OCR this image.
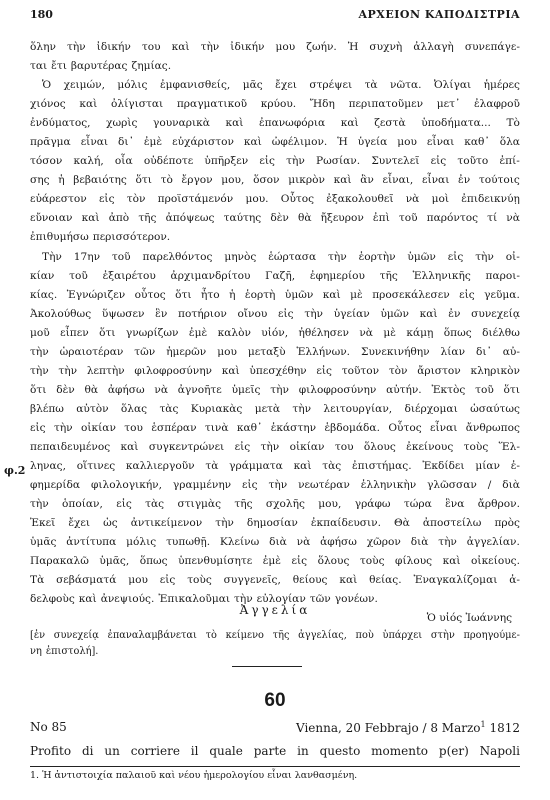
180	ΑΡΧΕΙΟΝ ΚΑΠΟΔΙΣΤΡΙΑ
ὅλην τὴν ἰδικήν του καὶ τὴν ἰδικήν μου ζωήν. Ἡ συχνὴ ἀλλαγὴ συνεπάγε-
ται ἔτι βαρυτέρας ζημίας.
Ὁ χειμών, μόλις ἐμφανισθείς, μᾶς ἔχει στρέψει τὰ νῶτα. Ὀλίγαι ἡμέρες
χιόνος καὶ ὀλίγισται πραγματικοῦ κρύου. Ἤδη περιπατοῦμεν μετ᾽ ἐλαφροῦ
ἐνδύματος, χωρὶς γουναρικὰ καὶ ἐπανωφόρια καὶ ζεστὰ ὑποδήματα... Τὸ
πρᾶγμα εἶναι δι᾽ ἐμὲ εὐχάριστον καὶ ὠφέλιμον. Ἡ ὑγεία μου εἶναι καθ᾽ ὅλα
τόσον καλή, οἷα οὐδέποτε ὑπῆρξεν εἰς τὴν Ρωσίαν. Συντελεῖ εἰς τοῦτο ἐπί-
σης ἡ βεβαιότης ὅτι τὸ ἔργον μου, ὅσον μικρὸν καὶ ἂν εἶναι, εἶναι ἐν τούτοις
εὐάρεστον εἰς τὸν προϊστάμενόν μου. Οὗτος ἐξακολουθεῖ νὰ μοὶ ἐπιδεικνύῃ
εὔνοιαν καὶ ἀπὸ τῆς ἀπόψεως ταύτης δὲν θὰ ἤξευρον ἐπὶ τοῦ παρόντος τί νὰ
ἐπιθυμήσω περισσότερον.
Τὴν 17ην τοῦ παρελθόντος μηνὸς ἑώρτασα τὴν ἑορτὴν ὑμῶν εἰς τὴν οἰ-
κίαν τοῦ ἐξαιρέτου ἀρχιμανδρίτου Γαζῆ, ἐφημερίου τῆς Ἑλληνικῆς παροι-
κίας. Ἐγνώριζεν οὗτος ὅτι ἦτο ἡ ἑορτὴ ὑμῶν καὶ μὲ προσεκάλεσεν εἰς γεῦμα.
Ἀκολούθως ὕψωσεν ἓν ποτήριον οἴνου εἰς τὴν ὑγείαν ὑμῶν καὶ ἐν συνεχείᾳ
μοῦ εἶπεν ὅτι γνωρίζων ἐμὲ καλὸν υἱόν, ἠθέλησεν νὰ μὲ κάμῃ ὅπως διέλθω
τὴν ὡραιοτέραν τῶν ἡμερῶν μου μεταξὺ Ἑλλήνων. Συνεκινήθην λίαν δι᾽ αὐ-
τὴν τὴν λεπτὴν φιλοφροσύνην καὶ ὑπεσχέθην εἰς τοῦτον τὸν ἄριστον κληρικὸν
ὅτι δὲν θὰ ἀφήσω νὰ ἀγνοῆτε ὑμεῖς τὴν φιλοφροσύνην αὐτήν. Ἐκτὸς τοῦ ὅτι
βλέπω αὐτὸν ὅλας τὰς Κυριακὰς μετὰ τὴν λειτουργίαν, διέρχομαι ὡσαύτως
εἰς τὴν οἰκίαν του ἑσπέραν τινὰ καθ᾽ ἑκάστην ἑβδομάδα. Οὗτος εἶναι ἄνθρωπος
πεπαιδευμένος καὶ συγκεντρώνει εἰς τὴν οἰκίαν του ὅλους ἐκείνους τοὺς Ἕλ-
ληνας, οἵτινες καλλιεργοῦν τὰ γράμματα καὶ τὰς ἐπιστήμας. Ἐκδίδει μίαν ἐ-
φημερίδα φιλολογικήν, γραμμένην εἰς τὴν νεωτέραν ἑλληνικὴν γλῶσσαν / διὰ
τὴν ὁποίαν, εἰς τὰς στιγμὰς τῆς σχολῆς μου, γράφω τώρα ἓνα ἄρθρον.
Ἐκεῖ ἔχει ὡς ἀντικείμενον τὴν δημοσίαν ἐκπαίδευσιν. Θὰ ἀποστείλω πρὸς
ὑμᾶς ἀντίτυπα μόλις τυπωθῇ. Κλείνω διὰ νὰ ἀφήσω χῶρον διὰ τὴν ἀγγελίαν.
Παρακαλῶ ὑμᾶς, ὅπως ὑπενθυμίσητε ἐμὲ εἰς ὅλους τοὺς φίλους καὶ οἰκείους.
Τὰ σεβάσματά μου εἰς τοὺς συγγενεῖς, θείους καὶ θείας. Ἐναγκαλίζομαι ἀ-
δελφοὺς καὶ ἀνεψιούς. Ἐπικαλοῦμαι τὴν εὐλογίαν τῶν γονέων.
Ὁ υἱός Ἰωάννης
φ.2
Ἀγγελία
[ἐν συνεχείᾳ ἐπαναλαμβάνεται τὸ κείμενο τῆς ἀγγελίας, ποὺ ὑπάρχει στὴν προηγούμε-
νη ἐπιστολή].
60
No 85	Vienna, 20 Febbrajo / 8 Marzo$^1$ 1812
Profito di un corriere il quale parte in questo momento p(er) Napoli
1. Ἡ ἀντιστοιχία παλαιοῦ καὶ νέου ἡμερολογίου εἶναι λανθασμένη.
